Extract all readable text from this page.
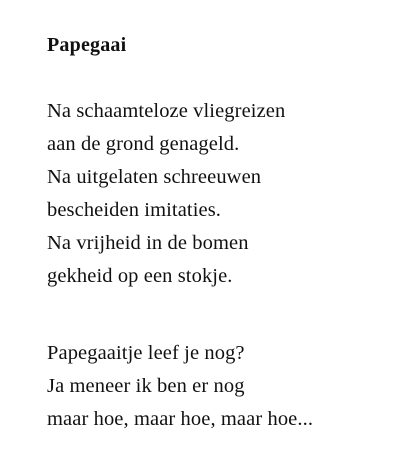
Papegaai
Na schaamteloze vliegreizen
aan de grond genageld.
Na uitgelaten schreeuwen
bescheiden imitaties.
Na vrijheid in de bomen
gekheid op een stokje.
Papegaaitje leef je nog?
Ja meneer ik ben er nog
maar hoe, maar hoe, maar hoe...
